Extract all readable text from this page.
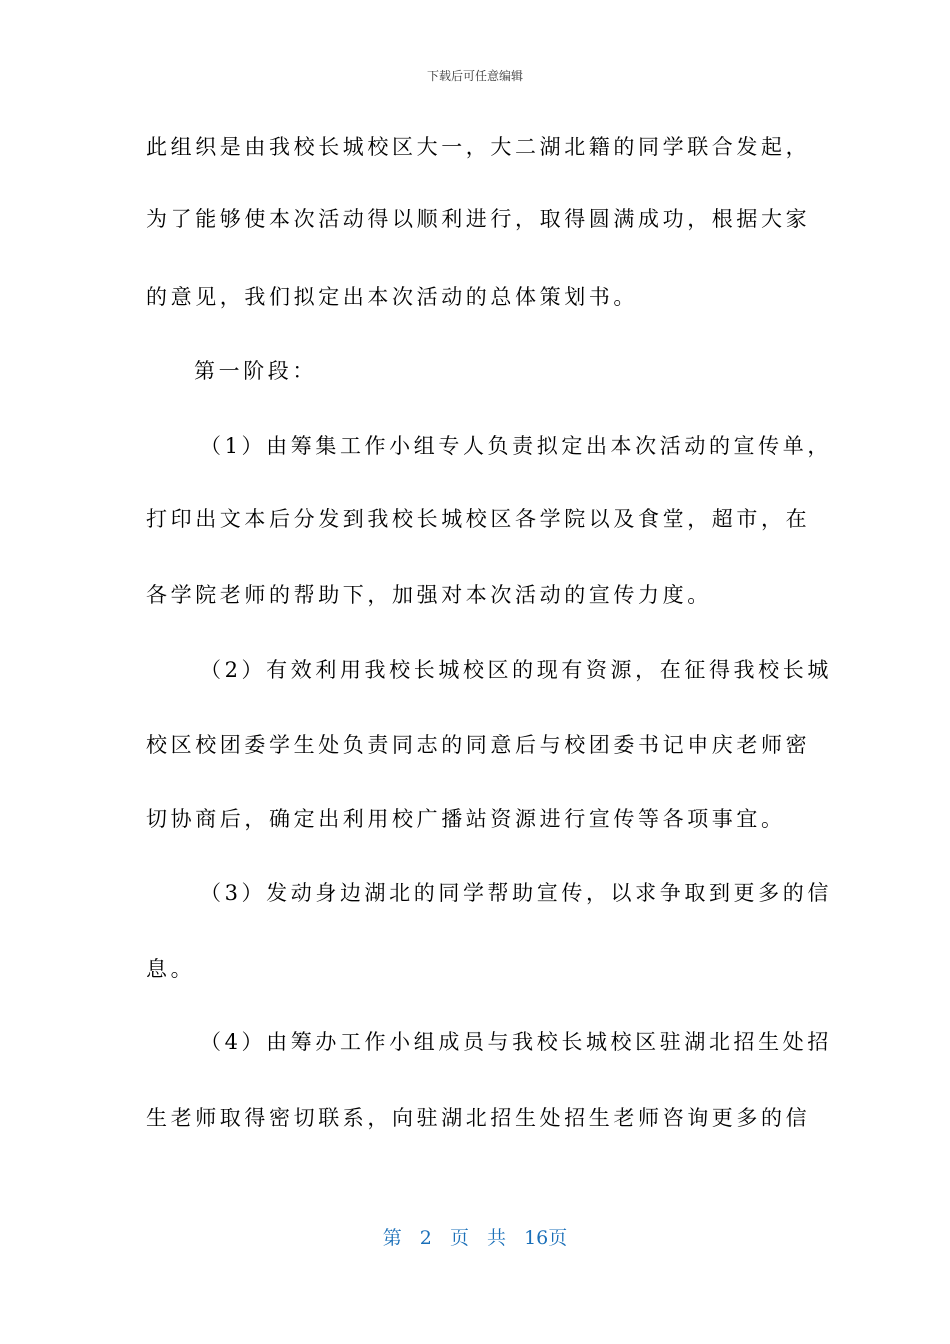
下载后可任意编辑
此组织是由我校长城校区大一，大二湖北籍的同学联合发起，
为了能够使本次活动得以顺利进行，取得圆满成功，根据大家
的意见，我们拟定出本次活动的总体策划书。
第一阶段：
（1）由筹集工作小组专人负责拟定出本次活动的宣传单，
打印出文本后分发到我校长城校区各学院以及食堂，超市，在
各学院老师的帮助下，加强对本次活动的宣传力度。
（2）有效利用我校长城校区的现有资源，在征得我校长城
校区校团委学生处负责同志的同意后与校团委书记申庆老师密
切协商后，确定出利用校广播站资源进行宣传等各项事宜。
（3）发动身边湖北的同学帮助宣传，以求争取到更多的信
息。
（4）由筹办工作小组成员与我校长城校区驻湖北招生处招
生老师取得密切联系，向驻湖北招生处招生老师咨询更多的信
第 2 页 共 16页
